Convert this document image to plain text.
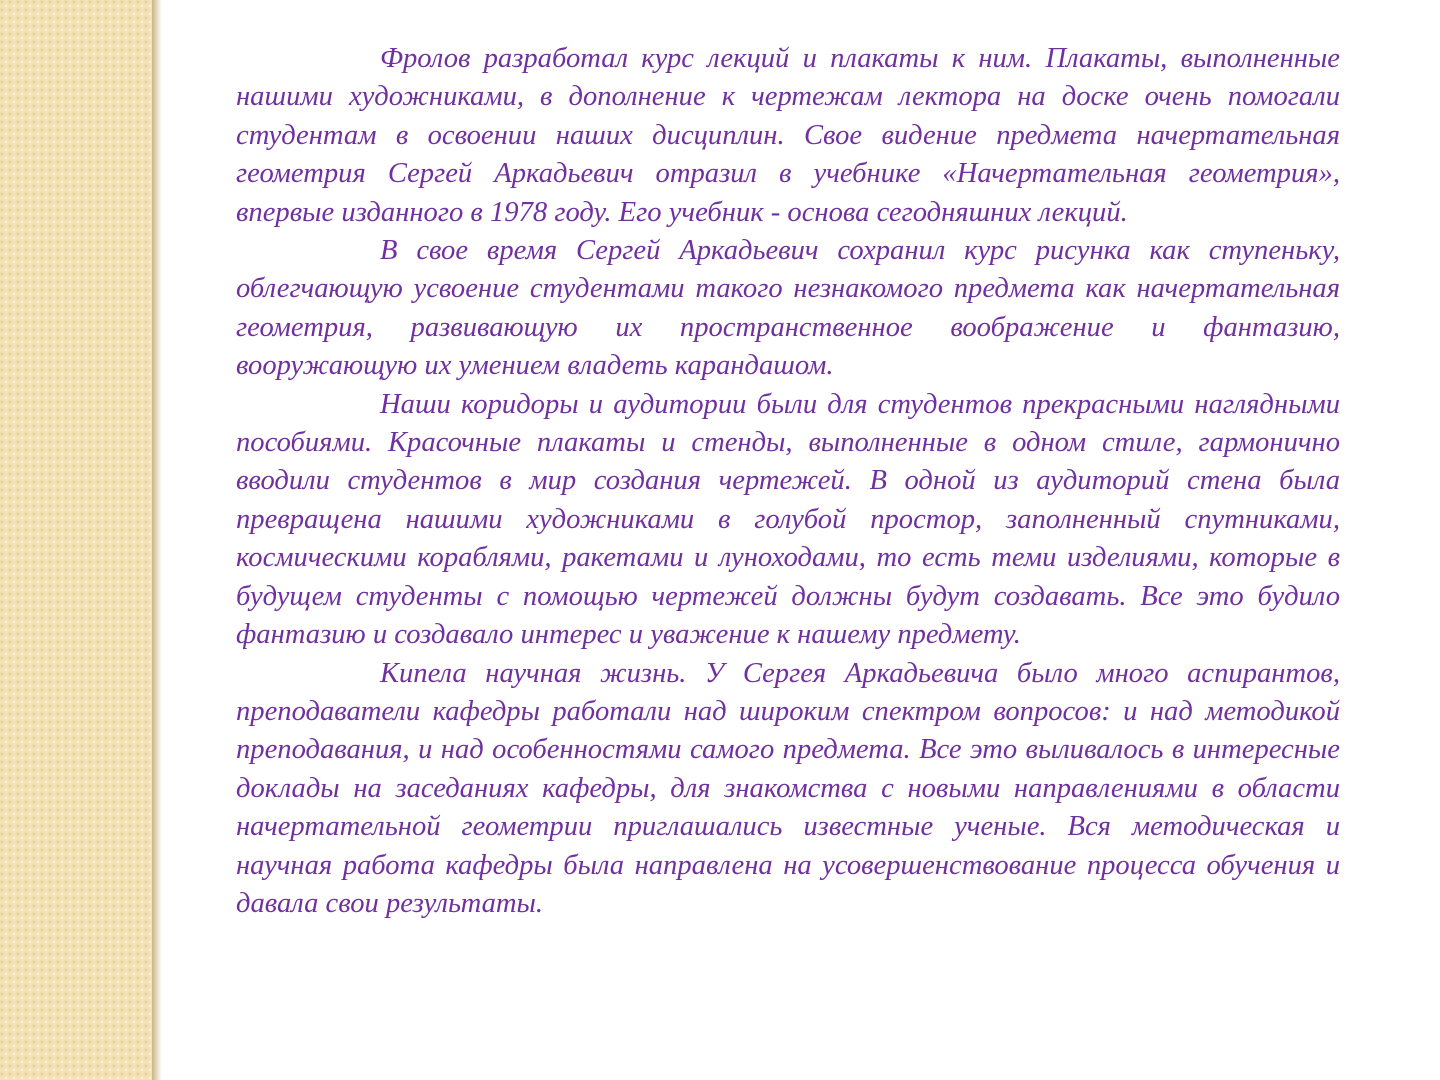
Фролов разработал курс лекций и плакаты к ним. Плакаты, выполненные нашими художниками, в дополнение к чертежам лектора на доске очень помогали студентам в освоении наших дисциплин. Свое видение предмета начертательная геометрия Сергей Аркадьевич отразил в учебнике «Начертательная геометрия», впервые изданного в 1978 году. Его учебник - основа сегодняшних лекций.

В свое время Сергей Аркадьевич сохранил курс рисунка как ступеньку, облегчающую усвоение студентами такого незнакомого предмета как начертательная геометрия, развивающую их пространственное воображение и фантазию, вооружающую их умением владеть карандашом.

Наши коридоры и аудитории были для студентов прекрасными наглядными пособиями. Красочные плакаты и стенды, выполненные в одном стиле, гармонично вводили студентов в мир создания чертежей. В одной из аудиторий стена была превращена нашими художниками в голубой простор, заполненный спутниками, космическими кораблями, ракетами и луноходами, то есть теми изделиями, которые в будущем студенты с помощью чертежей должны будут создавать. Все это будило фантазию и создавало интерес и уважение к нашему предмету.

Кипела научная жизнь. У Сергея Аркадьевича было много аспирантов, преподаватели кафедры работали над широким спектром вопросов: и над методикой преподавания, и над особенностями самого предмета. Все это выливалось в интересные доклады на заседаниях кафедры, для знакомства с новыми направлениями в области начертательной геометрии приглашались известные ученые. Вся методическая и научная работа кафедры была направлена на усовершенствование процесса обучения и давала свои результаты.
